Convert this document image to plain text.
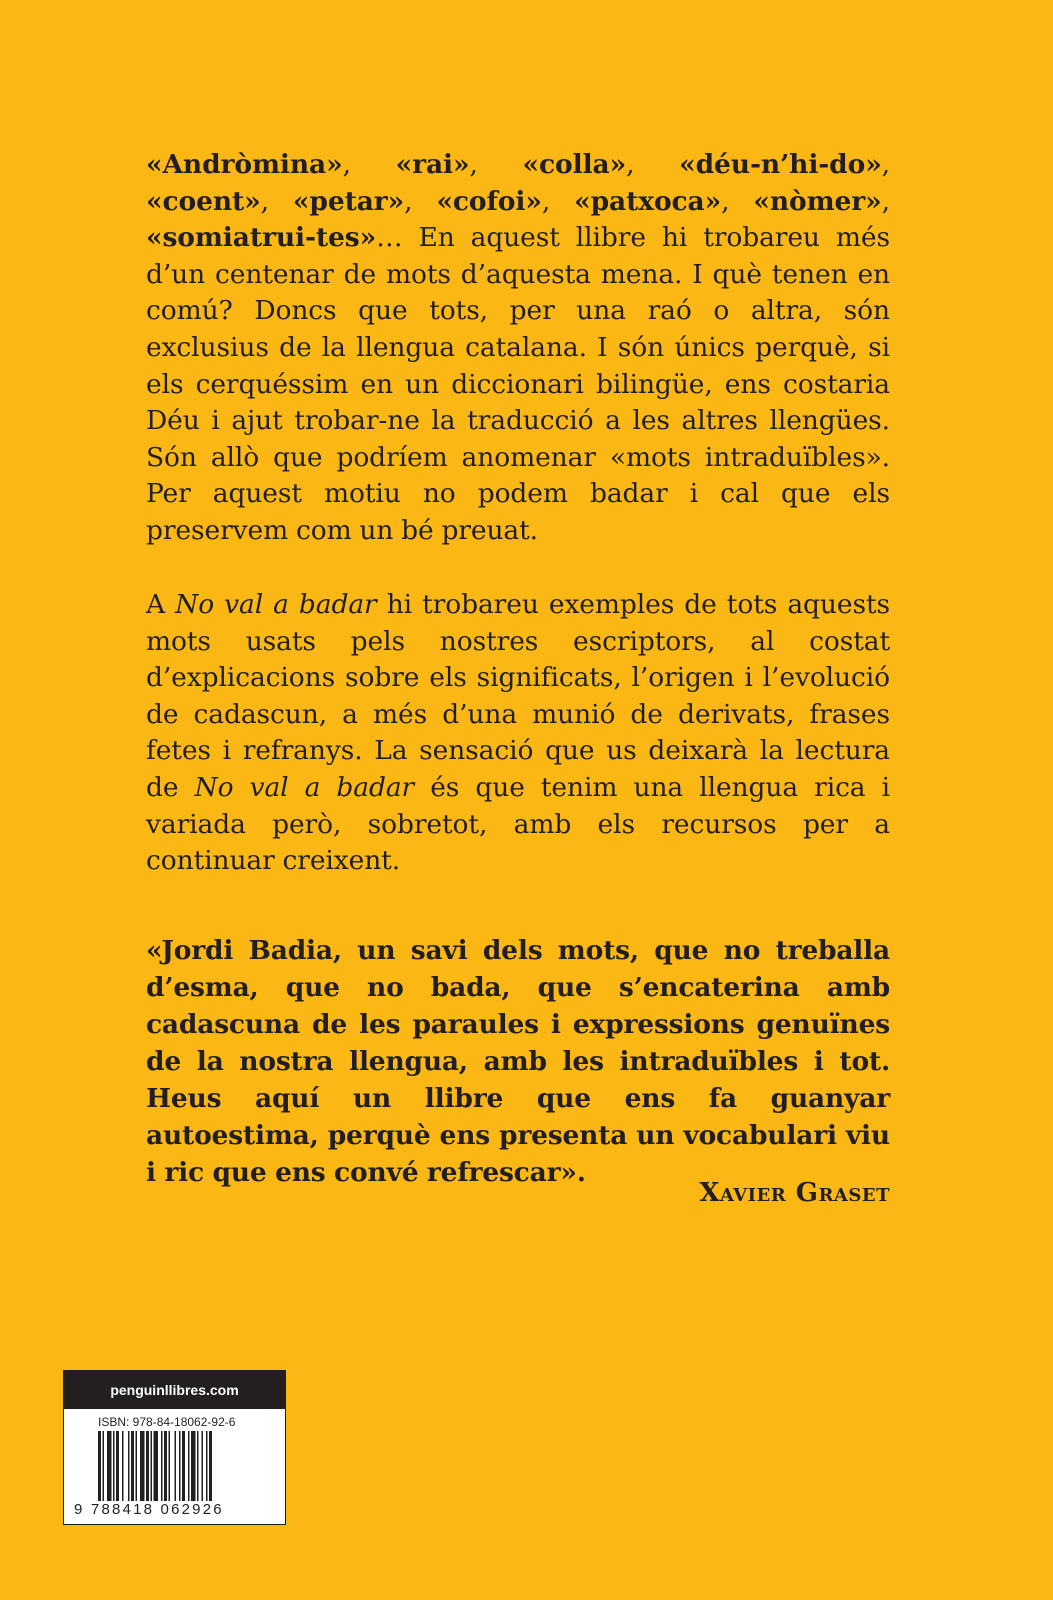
«Andròmina», «rai», «colla», «déu-n’hi-do», «coent», «petar», «cofoi», «patxoca», «nòmer», «somiatrui-tes»… En aquest llibre hi trobareu més d’un centenar de mots d’aquesta mena. I què tenen en comú? Doncs que tots, per una raó o altra, són exclusius de la llengua catalana. I són únics perquè, si els cerquéssim en un diccionari bilingüe, ens costaria Déu i ajut trobar-ne la traducció a les altres llengües. Són allò que podríem anomenar «mots intraduïbles». Per aquest motiu no podem badar i cal que els preservem com un bé preuat.

A No val a badar hi trobareu exemples de tots aquests mots usats pels nostres escriptors, al costat d’explicacions sobre els significats, l’origen i l’evolució de cadascun, a més d’una munió de derivats, frases fetes i refranys. La sensació que us deixarà la lectura de No val a badar és que tenim una llengua rica i variada però, sobretot, amb els recursos per a continuar creixent.

«Jordi Badia, un savi dels mots, que no treballa d’esma, que no bada, que s’encaterina amb cadascuna de les paraules i expressions genuïnes de la nostra llengua, amb les intraduïbles i tot. Heus aquí un llibre que ens fa guanyar autoestima, perquè ens presenta un vocabulari viu i ric que ens convé refrescar».

Xavier Graset

penguinllibres.com
ISBN: 978-84-18062-92-6
9 788418 062926
